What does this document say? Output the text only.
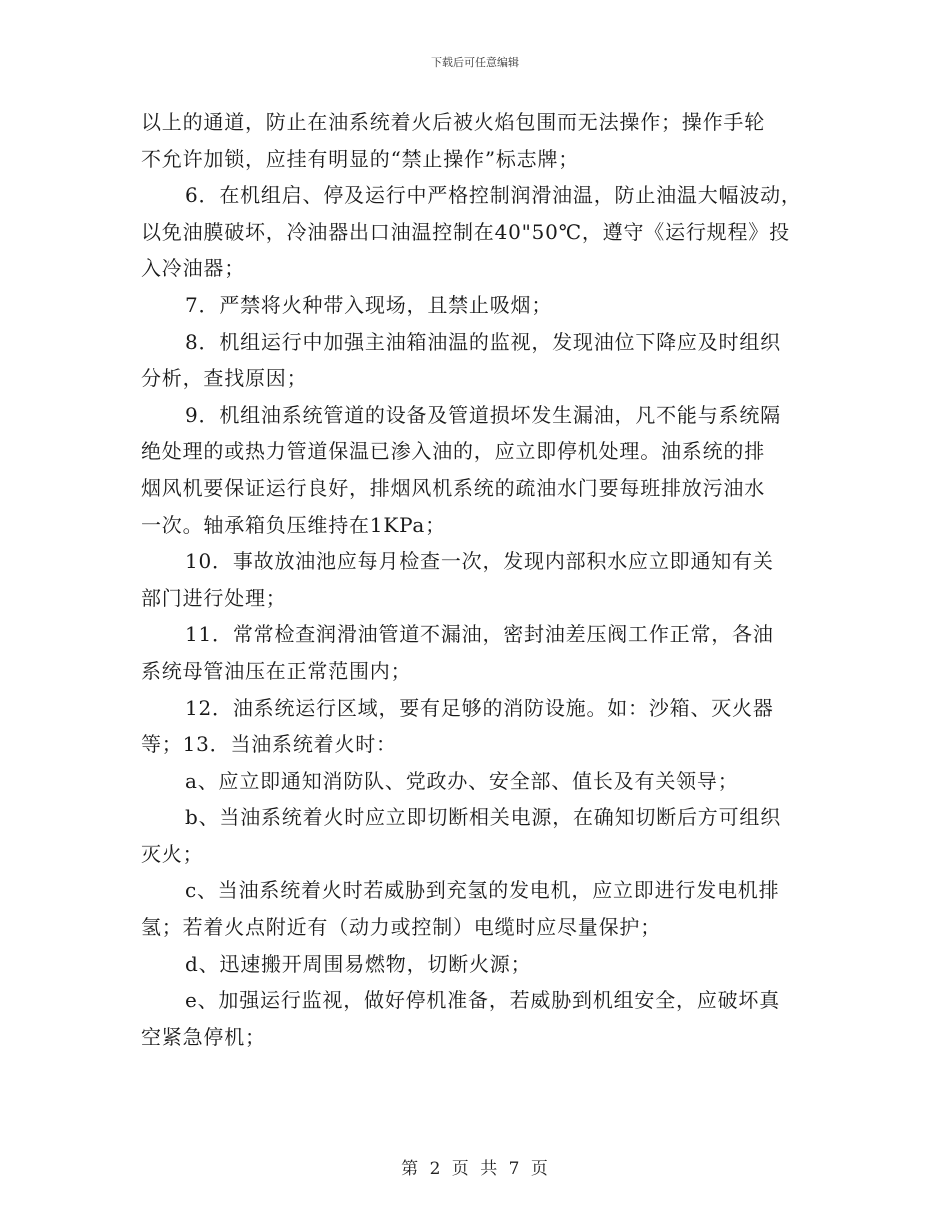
下载后可任意编辑
以上的通道，防止在油系统着火后被火焰包围而无法操作；操作手轮
不允许加锁，应挂有明显的“禁止操作”标志牌；
6．在机组启、停及运行中严格控制润滑油温，防止油温大幅波动，
以免油膜破坏，冷油器出口油温控制在40"50℃，遵守《运行规程》投
入冷油器；
7．严禁将火种带入现场，且禁止吸烟；
8．机组运行中加强主油箱油温的监视，发现油位下降应及时组织
分析，查找原因；
9．机组油系统管道的设备及管道损坏发生漏油，凡不能与系统隔
绝处理的或热力管道保温已渗入油的，应立即停机处理。油系统的排
烟风机要保证运行良好，排烟风机系统的疏油水门要每班排放污油水
一次。轴承箱负压维持在1KPa；
10．事故放油池应每月检查一次，发现内部积水应立即通知有关
部门进行处理；
11．常常检查润滑油管道不漏油，密封油差压阀工作正常，各油
系统母管油压在正常范围内；
12．油系统运行区域，要有足够的消防设施。如：沙箱、灭火器
等；13．当油系统着火时：
a、应立即通知消防队、党政办、安全部、值长及有关领导；
b、当油系统着火时应立即切断相关电源，在确知切断后方可组织
灭火；
c、当油系统着火时若威胁到充氢的发电机，应立即进行发电机排
氢；若着火点附近有（动力或控制）电缆时应尽量保护；
d、迅速搬开周围易燃物，切断火源；
e、加强运行监视，做好停机准备，若威胁到机组安全，应破坏真
空紧急停机；
第 2 页 共 7 页
